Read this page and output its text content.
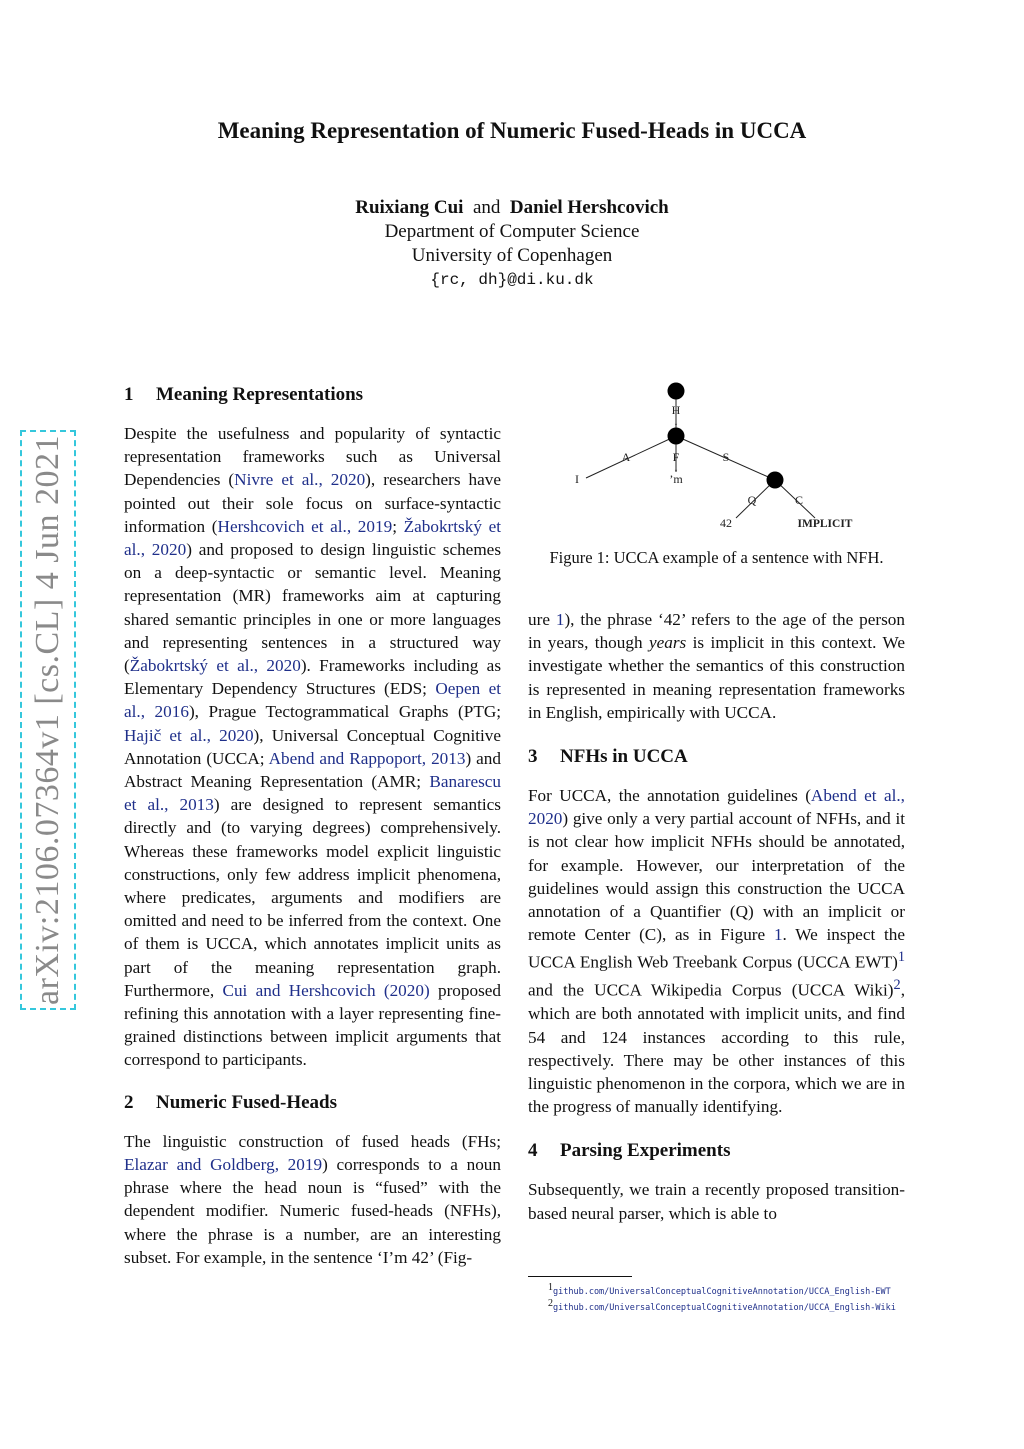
Meaning Representation of Numeric Fused-Heads in UCCA
Ruixiang Cui and Daniel Hershcovich
Department of Computer Science
University of Copenhagen
{rc, dh}@di.ku.dk
arXiv:2106.07364v1 [cs.CL] 4 Jun 2021
1 Meaning Representations

Despite the usefulness and popularity of syntactic representation frameworks such as Universal Dependencies (Nivre et al., 2020), researchers have pointed out their sole focus on surface-syntactic information (Hershcovich et al., 2019; Žabokrtský et al., 2020) and proposed to design linguistic schemes on a deep-syntactic or semantic level. Meaning representation (MR) frameworks aim at capturing shared semantic principles in one or more languages and representing sentences in a structured way (Žabokrtský et al., 2020). Frameworks including as Elementary Dependency Structures (EDS; Oepen et al., 2016), Prague Tectogrammatical Graphs (PTG; Hajič et al., 2020), Universal Conceptual Cognitive Annotation (UCCA; Abend and Rappoport, 2013) and Abstract Meaning Representation (AMR; Banarescu et al., 2013) are designed to represent semantics directly and (to varying degrees) comprehensively. Whereas these frameworks model explicit linguistic constructions, only few address implicit phenomena, where predicates, arguments and modifiers are omitted and need to be inferred from the context. One of them is UCCA, which annotates implicit units as part of the meaning representation graph. Furthermore, Cui and Hershcovich (2020) proposed refining this annotation with a layer representing fine-grained distinctions between implicit arguments that correspond to participants.

2 Numeric Fused-Heads

The linguistic construction of fused heads (FHs; Elazar and Goldberg, 2019) corresponds to a noun phrase where the head noun is “fused” with the dependent modifier. Numeric fused-heads (NFHs), where the phrase is a number, are an interesting subset. For example, in the sentence ‘I’m 42’ (Fig-

H
↓
A	F
↓
S
I	’m
Q	C
42	IMPLICIT
Figure 1: UCCA example of a sentence with NFH.

ure 1), the phrase ‘42’ refers to the age of the person in years, though years is implicit in this context. We investigate whether the semantics of this construction is represented in meaning representation frameworks in English, empirically with UCCA.

3 NFHs in UCCA

For UCCA, the annotation guidelines (Abend et al., 2020) give only a very partial account of NFHs, and it is not clear how implicit NFHs should be annotated, for example. However, our interpretation of the guidelines would assign this construction the UCCA annotation of a Quantifier (Q) with an implicit or remote Center (C), as in Figure 1. We inspect the UCCA English Web Treebank Corpus (UCCA EWT)$^1$ and the UCCA Wikipedia Corpus (UCCA Wiki)$^2$, which are both annotated with implicit units, and find 54 and 124 instances according to this rule, respectively. There may be other instances of this linguistic phenomenon in the corpora, which we are in the progress of manually identifying.

4 Parsing Experiments

Subsequently, we train a recently proposed transition-based neural parser, which is able to

$^1$github.com/UniversalConceptualCognitiveAnnotation/UCCA_English-EWT
$^2$github.com/UniversalConceptualCognitiveAnnotation/UCCA_English-Wiki
